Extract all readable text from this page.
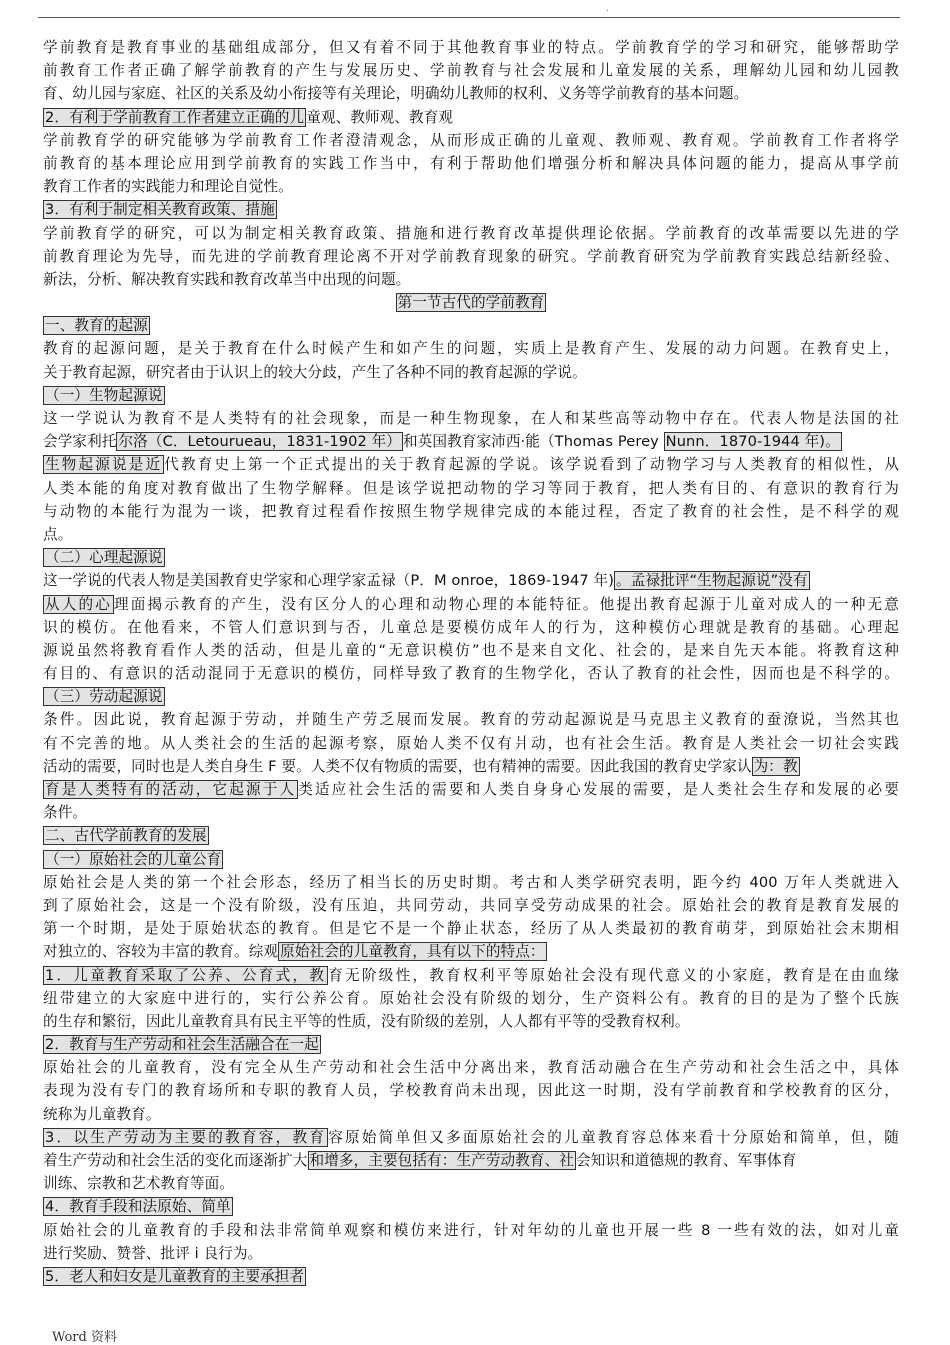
.
学前教育是教育事业的基础组成部分，但又有着不同于其他教育事业的特点。学前教育学的学习和研究，能够帮助学
前教育工作者正确了解学前教育的产生与发展历史、学前教育与社会发展和儿童发展的关系，理解幼儿园和幼儿园教
育、幼儿园与家庭、社区的关系及幼小衔接等有关理论，明确幼儿教师的权利、义务等学前教育的基本问题。
2．有利于学前教育工作者建立正确的儿 童观、教师观、教育观
学前教育学的研究能够为学前教育工作者澄清观念，从而形成正确的儿童观、教师观、教育观。学前教育工作者将学
前教育的基本理论应用到学前教育的实践工作当中，有利于帮助他们增强分析和解决具体问题的能力，提高从事学前
教育工作者的实践能力和理论自觉性。
3．有利于制定相关教育政策、措施
学前教育学的研究，可以为制定相关教育政策、措施和进行教育改革提供理论依据。学前教育的改革需要以先进的学
前教育理论为先导，而先进的学前教育理论离不开对学前教育现象的研究。学前教育研究为学前教育实践总结新经验、
新法，分析、解决教育实践和教育改革当中出现的问题。
第一节古代的学前教育
一、教育的起源
教育的起源问题，是关于教育在什么时候产生和如产生的问题，实质上是教育产生、发展的动力问题。在教育史上，
关于教育起源，研究者由于认识上的较大分歧，产生了各种不同的教育起源的学说。
（一）生物起源说
这一学说认为教育不是人类特有的社会现象，而是一种生物现象，在人和某些高等动物中存在。代表人物是法国的社
会学家利托 尔洛（C．Letourueau，1831-1902 年） 和英国教育家沛西·能（Thomas Perey Nunn．1870-1944 年)。
生物起源说是近 代教育史上第一个正式提出的关于教育起源的学说。该学说看到了动物学习与人类教育的相似性，从
人类本能的角度对教育做出了生物学解释。但是该学说把动物的学习等同于教育，把人类有目的、有意识的教育行为
与动物的本能行为混为一谈，把教育过程看作按照生物学规律完成的本能过程，否定了教育的社会性，是不科学的观
点。
（二）心理起源说
这一学说的代表人物是美国教育史学家和心理学家孟禄（P．M onroe，1869-1947 年) 。孟禄批评“生物起源说”没有
从人的心 理面揭示教育的产生，没有区分人的心理和动物心理的本能特征。他提出教育起源于儿童对成人的一种无意
识的模仿。在他看来，不管人们意识到与否，儿童总是要模仿成年人的行为，这种模仿心理就是教育的基础。心理起
源说虽然将教育看作人类的活动，但是儿童的“无意识模仿”也不是来自文化、社会的，是来自先天本能。将教育这种
有目的、有意识的活动混同于无意识的模仿，同样导致了教育的生物学化，否认了教育的社会性，因而也是不科学的。
（三）劳动起源说
条件。因此说，教育起源于劳动，并随生产劳乏展而发展。教育的劳动起源说是马克思主义教育的蚕潦说，当然其也
有不完善的地。从人类社会的生活的起源考察，原始人类不仅有爿动，也有社会生活。教育是人类社会一切社会实践
活动的需要，同时也是人类自身生 F 要。人类不仅有物质的需要，也有精神的需要。因此我国的教育史学家认 为：教
育是人类特有的活动，它起源于人 类适应社会生活的需要和人类自身身心发展的需要，是人类社会生存和发展的必要
条件。
二、古代学前教育的发展
（一）原始社会的儿童公育
原始社会是人类的第一个社会形态，经历了相当长的历史时期。考古和人类学研究表明，距今约 400 万年人类就进入
到了原始社会，这是一个没有阶级，没有压迫，共同劳动，共同享受劳动成果的社会。原始社会的教育是教育发展的
第一个时期，是处于原始状态的教育。但是它不是一个静止状态，经历了从人类最初的教育萌芽，到原始社会末期相
对独立的、容较为丰富的教育。综观 原始社会的儿童教育，具有以下的特点：
1．儿童教育采取了公养、公育式，教 育无阶级性，教育权利平等原始社会没有现代意义的小家庭，教育是在由血缘
纽带建立的大家庭中进行的，实行公养公育。原始社会没有阶级的划分，生产资料公有。教育的目的是为了整个氏族
的生存和繁衍，因此儿童教育具有民主平等的性质，没有阶级的差别，人人都有平等的受教育权利。
2．教育与生产劳动和社会生活融合在一起
原始社会的儿童教育，没有完全从生产劳动和社会生活中分离出来，教育活动融合在生产劳动和社会生活之中，具体
表现为没有专门的教育场所和专职的教育人员，学校教育尚未出现，因此这一时期，没有学前教育和学校教育的区分，
统称为儿童教育。
3．以生产劳动为主要的教育容，教育 容原始简单但又多面原始社会的儿童教育容总体来看十分原始和简单，但，随
着生产劳动和社会生活的变化而逐渐扩大 和增多，主要包括有：生产劳动教育、社 会知识和道德规的教育、军事体育
训练、宗教和艺术教育等面。
4．教育手段和法原始、简单
原始社会的儿童教育的手段和法非常简单观察和模仿来进行，针对年幼的儿童也开展一些 8 一些有效的法，如对儿童
进行奖励、赞誉、批评 i 良行为。
5．老人和妇女是儿童教育的主要承担者
Word 资料
